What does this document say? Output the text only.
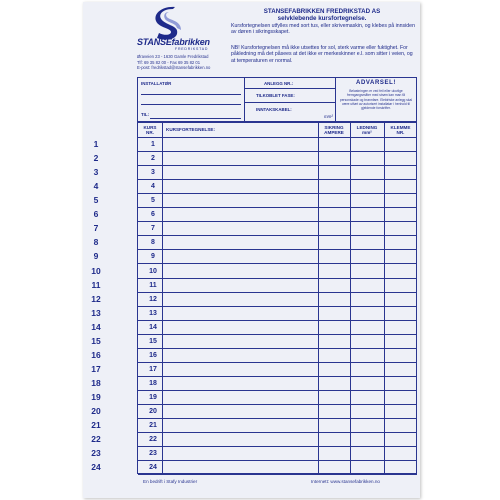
STANSEfabrikken
FREDRIKSTAD
Øraveien 23 - 1630 Gamle Fredrikstad
Tlf: 69 35 82 00 - Fax 69 35 82 01
E-post: fredrikstad@stansefabrikken.no
STANSEFABRIKKEN FREDRIKSTAD AS
selvklebende kursfortegnelse.
Kursfortegnelsen utfylles med sort tus, eller skrivemaskin, og klebes på innsiden av døren i sikringsskapet.
NB! Kursfortegnelsen må ikke utsettes for sol, sterk varme eller fuktighet. For påkledning må det påsees at det ikke er merkeskinner e.l. som sitter i veien, og at temperaturen er normal.
INSTALLATØR
TIL:
ANLEGG NR.:
TILKOBLET FASE:
INNTAKSKABEL:
mm²
ADVARSEL!
Belastningen er ved feil eller ulovlige fremgangsmåter med strøm kan man få personskade og brannfare. Elektriske anlegg skal være utført av autorisert installatør i henhold til gjeldende forskrifter.
KURS
NR.
KURSFORTEGNELSE:	SIKRING
AMPERE
LEDNING
mm²
KLEMME
NR.
1
2
3
4
5
6
7
8
9
10
11
12
13
14
15
16
17
18
19
20
21
22
23
24
En bedrift i Stafy Industrier	Internett: www.stansefabrikken.no
1
2
3
4
5
6
7
8
9
10
11
12
13
14
15
16
17
18
19
20
21
22
23
24
